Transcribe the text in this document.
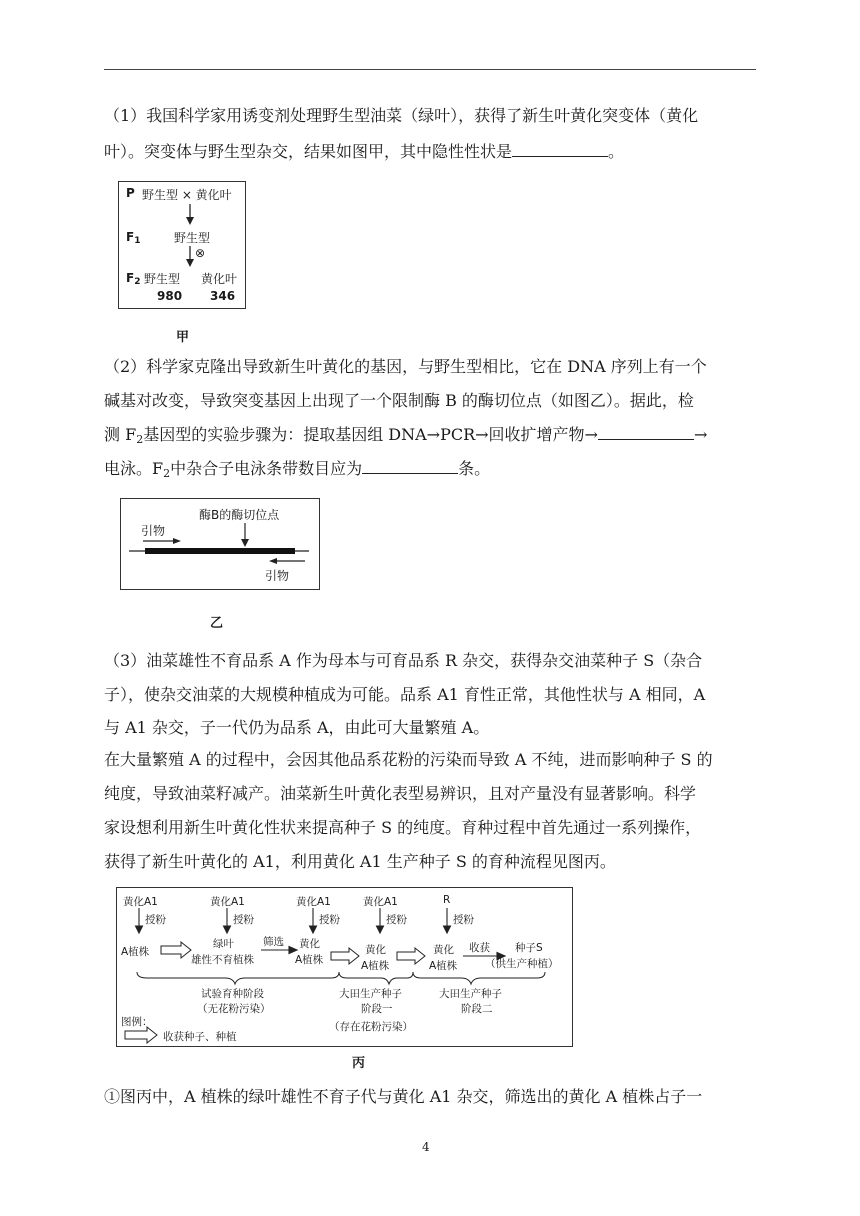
（1）我国科学家用诱变剂处理野生型油菜（绿叶），获得了新生叶黄化突变体（黄化

叶）。突变体与野生型杂交，结果如图甲，其中隐性性状是	。

P 野生型 × 黄化叶
$F_1$	野生型
⊗
$F_2$ 野生型 黄化叶
980 346
甲

（2）科学家克隆出导致新生叶黄化的基因，与野生型相比，它在 DNA 序列上有一个

碱基对改变，导致突变基因上出现了一个限制酶 B 的酶切位点（如图乙）。据此，检

测 F2基因型的实验步骤为：提取基因组 DNA→PCR→回收扩增产物→	→

电泳。F2中杂合子电泳条带数目应为	条。

酶B的酶切位点
引物
引物
乙

（3）油菜雄性不育品系 A 作为母本与可育品系 R 杂交，获得杂交油菜种子 S（杂合

子），使杂交油菜的大规模种植成为可能。品系 A1 育性正常，其他性状与 A 相同，A

与 A1 杂交，子一代仍为品系 A，由此可大量繁殖 A。

在大量繁殖 A 的过程中，会因其他品系花粉的污染而导致 A 不纯，进而影响种子 S 的

纯度，导致油菜籽减产。油菜新生叶黄化表型易辨识，且对产量没有显著影响。科学

家设想利用新生叶黄化性状来提高种子 S 的纯度。育种过程中首先通过一系列操作，

获得了新生叶黄化的 A1，利用黄化 A1 生产种子 S 的育种流程见图丙。

黄化A1	黄化A1	黄化A1	黄化A1	R
授粉	授粉	授粉	授粉	授粉
A植株
绿叶
雄性不育植株
筛选 黄化
A植株
黄化
A植株
黄化
A植株
收获 种子S
（供生产种植）
试验育种阶段
（无花粉污染）
大田生产种子
阶段一
大田生产种子
阶段二
（存在花粉污染）
图例：
收获种子、种植
丙

①图丙中，A 植株的绿叶雄性不育子代与黄化 A1 杂交，筛选出的黄化 A 植株占子一

4
